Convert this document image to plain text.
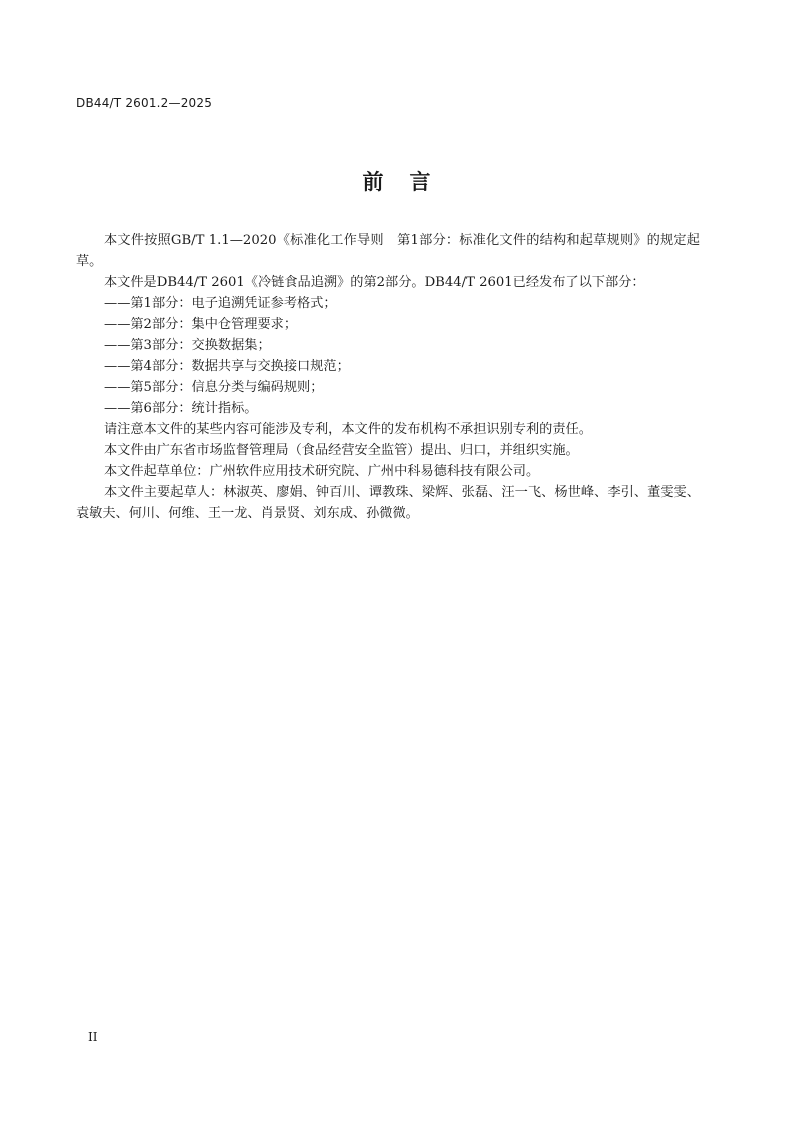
DB44/T 2601.2—2025
前言

本文件按照GB/T 1.1—2020《标准化工作导则　第1部分：标准化文件的结构和起草规则》的规定起草。

本文件是DB44/T 2601《冷链食品追溯》的第2部分。DB44/T 2601已经发布了以下部分：

——第1部分：电子追溯凭证参考格式；

——第2部分：集中仓管理要求；

——第3部分：交换数据集；

——第4部分：数据共享与交换接口规范；

——第5部分：信息分类与编码规则；

——第6部分：统计指标。

请注意本文件的某些内容可能涉及专利，本文件的发布机构不承担识别专利的责任。

本文件由广东省市场监督管理局（食品经营安全监管）提出、归口，并组织实施。

本文件起草单位：广州软件应用技术研究院、广州中科易德科技有限公司。

本文件主要起草人：林淑英、廖娟、钟百川、谭教珠、梁辉、张磊、汪一飞、杨世峰、李引、董雯雯、袁敏夫、何川、何维、王一龙、肖景贤、刘东成、孙微微。

II
